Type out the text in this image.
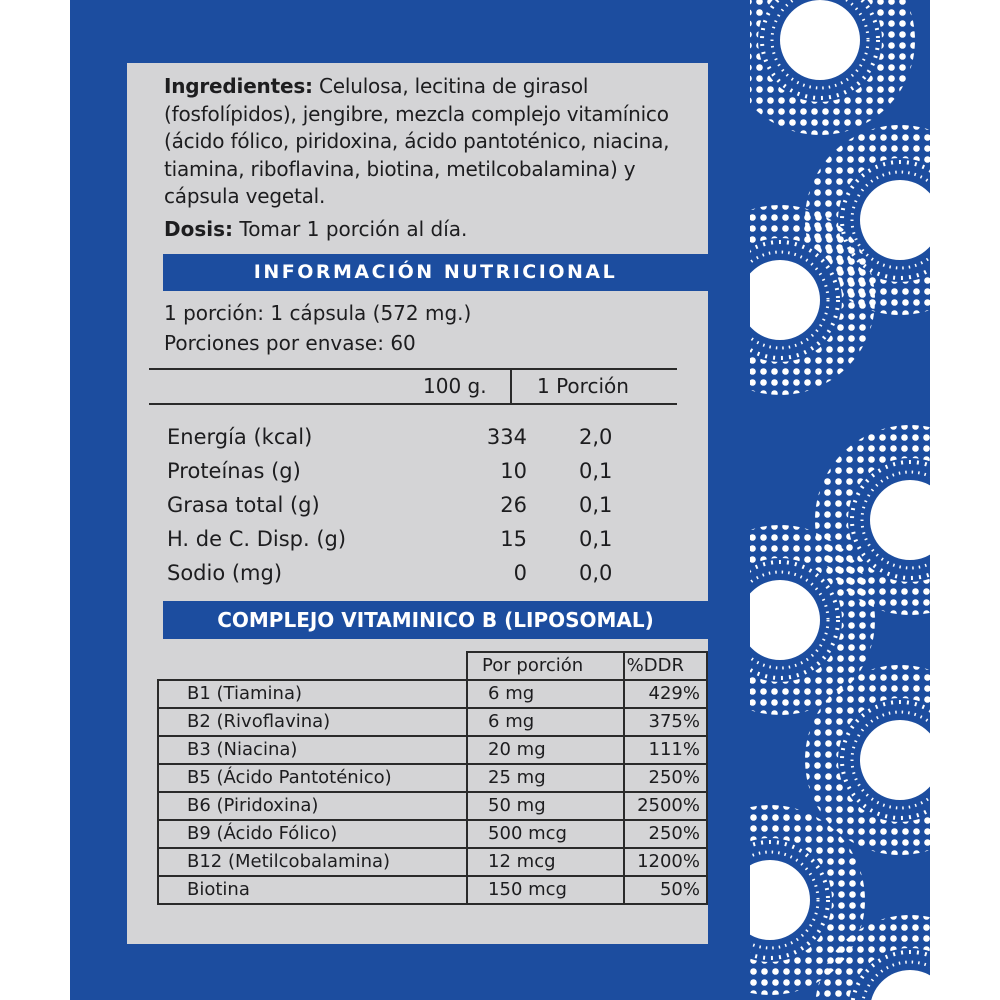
Ingredientes: Celulosa, lecitina de girasol (fosfolípidos), jengibre, mezcla complejo vitamínico (ácido fólico, piridoxina, ácido pantoténico, niacina, tiamina, riboflavina, biotina, metilcobalamina) y cápsula vegetal.
Dosis: Tomar 1 porción al día.
INFORMACIÓN NUTRICIONAL
1 porción: 1 cápsula (572 mg.)
Porciones por envase: 60
100 g.	1 Porción
Energía (kcal)	334 2,0
Proteínas (g)	10 0,1
Grasa total (g)	26 0,1
H. de C. Disp. (g)	15 0,1
Sodio (mg)	0 0,0
COMPLEJO VITAMINICO B (LIPOSOMAL)
	Por porción	%DDR
B1 (Tiamina)	6 mg	429%
B2 (Rivoflavina)	6 mg	375%
B3 (Niacina)	20 mg	111%
B5 (Ácido Pantoténico)	25 mg	250%
B6 (Piridoxina)	50 mg	2500%
B9 (Ácido Fólico)	500 mcg	250%
B12 (Metilcobalamina)	12 mcg	1200%
Biotina	150 mcg	50%
